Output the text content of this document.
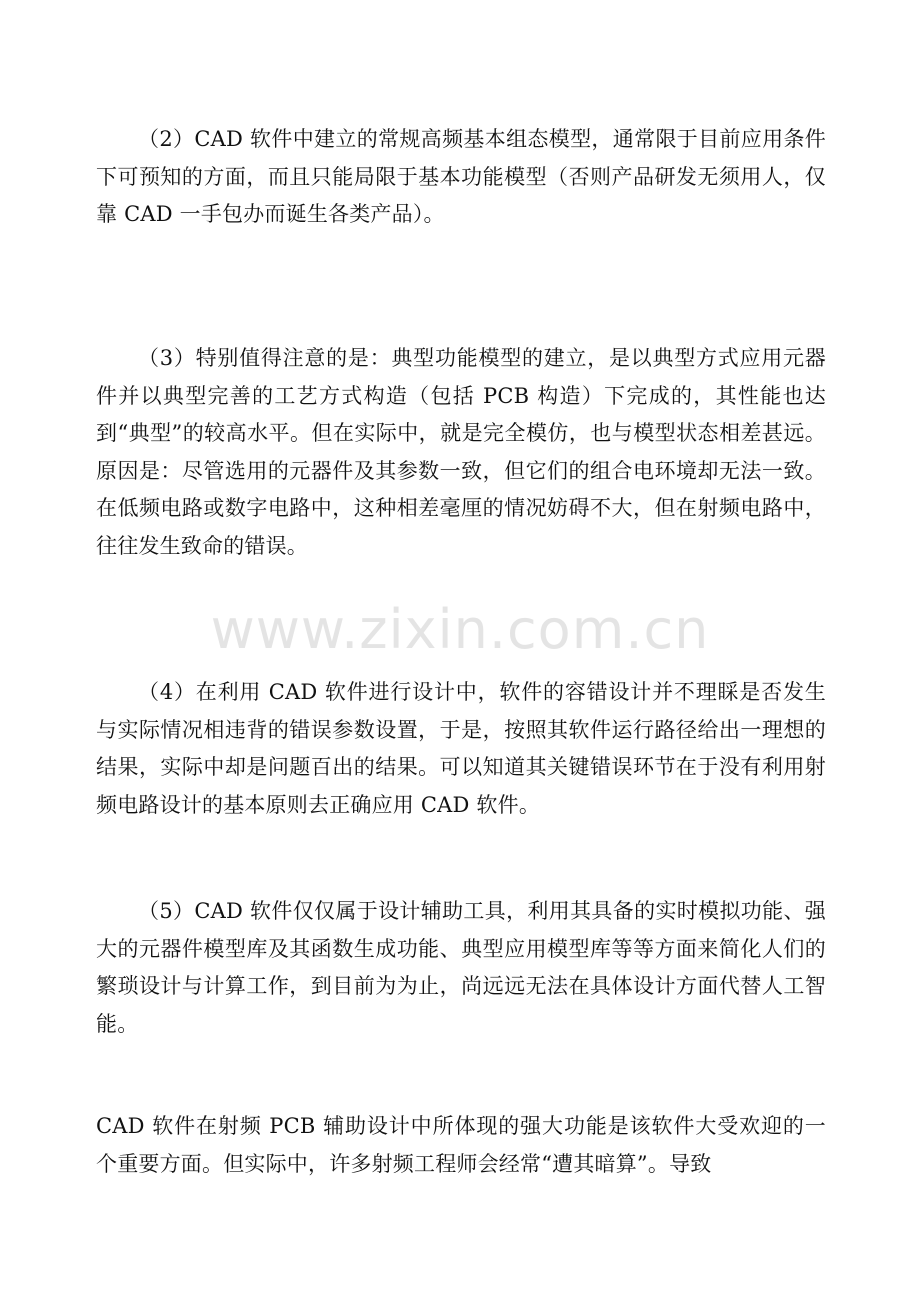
（2）CAD 软件中建立的常规高频基本组态模型，通常限于目前应用条件下可预知的方面，而且只能局限于基本功能模型（否则产品研发无须用人，仅靠 CAD 一手包办而诞生各类产品）。

（3）特别值得注意的是：典型功能模型的建立，是以典型方式应用元器件并以典型完善的工艺方式构造（包括 PCB 构造）下完成的，其性能也达到“典型”的较高水平。但在实际中，就是完全模仿，也与模型状态相差甚远。原因是：尽管选用的元器件及其参数一致，但它们的组合电环境却无法一致。在低频电路或数字电路中，这种相差毫厘的情况妨碍不大，但在射频电路中，往往发生致命的错误。

（4）在利用 CAD 软件进行设计中，软件的容错设计并不理睬是否发生与实际情况相违背的错误参数设置，于是，按照其软件运行路径给出一理想的结果，实际中却是问题百出的结果。可以知道其关键错误环节在于没有利用射频电路设计的基本原则去正确应用 CAD 软件。

（5）CAD 软件仅仅属于设计辅助工具，利用其具备的实时模拟功能、强大的元器件模型库及其函数生成功能、典型应用模型库等等方面来简化人们的繁琐设计与计算工作，到目前为为止，尚远远无法在具体设计方面代替人工智能。

CAD 软件在射频 PCB 辅助设计中所体现的强大功能是该软件大受欢迎的一个重要方面。但实际中，许多射频工程师会经常“遭其暗算”。导致

www.zixin.com.cn
